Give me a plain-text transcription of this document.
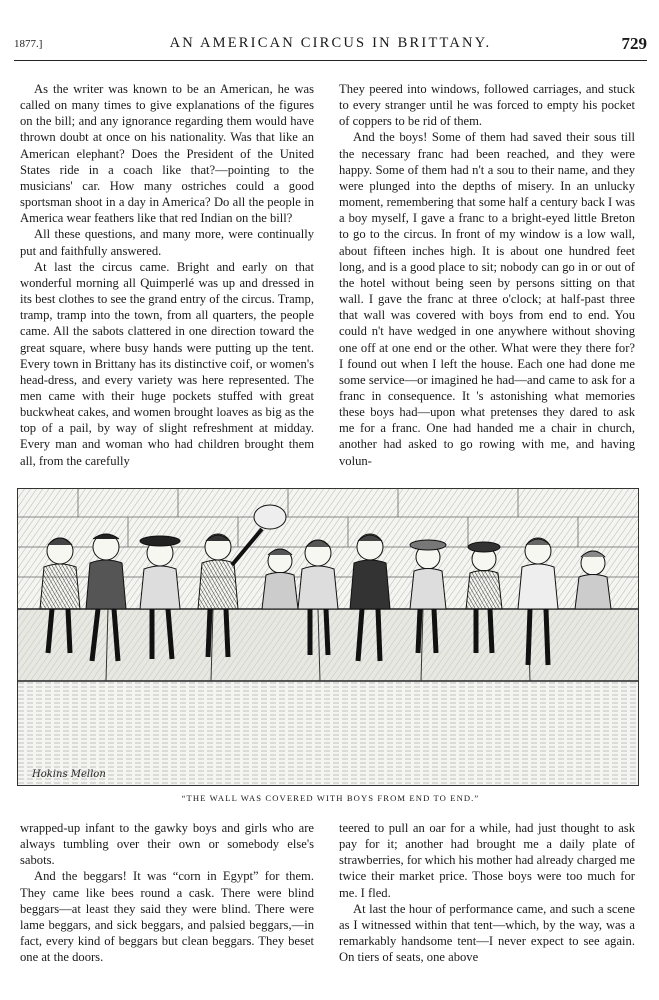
1877.]	AN AMERICAN CIRCUS IN BRITTANY.	729

As the writer was known to be an American, he was called on many times to give explanations of the figures on the bill; and any ignorance regarding them would have thrown doubt at once on his nationality. Was that like an American elephant? Does the President of the United States ride in a coach like that?—pointing to the musicians' car. How many ostriches could a good sportsman shoot in a day in America? Do all the people in America wear feathers like that red Indian on the bill?

All these questions, and many more, were continually put and faithfully answered.

At last the circus came. Bright and early on that wonderful morning all Quimperlé was up and dressed in its best clothes to see the grand entry of the circus. Tramp, tramp, tramp into the town, from all quarters, the people came. All the sabots clattered in one direction toward the great square, where busy hands were putting up the tent. Every town in Brittany has its distinctive coif, or women's head-dress, and every variety was here represented. The men came with their huge pockets stuffed with great buckwheat cakes, and women brought loaves as big as the top of a pail, by way of slight refreshment at midday. Every man and woman who had children brought them all, from the carefully

They peered into windows, followed carriages, and stuck to every stranger until he was forced to empty his pocket of coppers to be rid of them.

And the boys! Some of them had saved their sous till the necessary franc had been reached, and they were happy. Some of them had n't a sou to their name, and they were plunged into the depths of misery. In an unlucky moment, remembering that some half a century back I was a boy myself, I gave a franc to a bright-eyed little Breton to go to the circus. In front of my window is a low wall, about fifteen inches high. It is about one hundred feet long, and is a good place to sit; nobody can go in or out of the hotel without being seen by persons sitting on that wall. I gave the franc at three o'clock; at half-past three that wall was covered with boys from end to end. You could n't have wedged in one anywhere without shoving one off at one end or the other. What were they there for? I found out when I left the house. Each one had done me some service—or imagined he had—and came to ask for a franc in consequence. It 's astonishing what memories these boys had—upon what pretenses they dared to ask me for a franc. One had handed me a chair in church, another had asked to go rowing with me, and having volun-

Hokins Mellon
“THE WALL WAS COVERED WITH BOYS FROM END TO END.”

wrapped-up infant to the gawky boys and girls who are always tumbling over their own or somebody else's sabots.

And the beggars! It was “corn in Egypt” for them. They came like bees round a cask. There were blind beggars—at least they said they were blind. There were lame beggars, and sick beggars, and palsied beggars,—in fact, every kind of beggars but clean beggars. They beset one at the doors.

teered to pull an oar for a while, had just thought to ask pay for it; another had brought me a daily plate of strawberries, for which his mother had already charged me twice their market price. Those boys were too much for me. I fled.

At last the hour of performance came, and such a scene as I witnessed within that tent—which, by the way, was a remarkably handsome tent—I never expect to see again. On tiers of seats, one above
